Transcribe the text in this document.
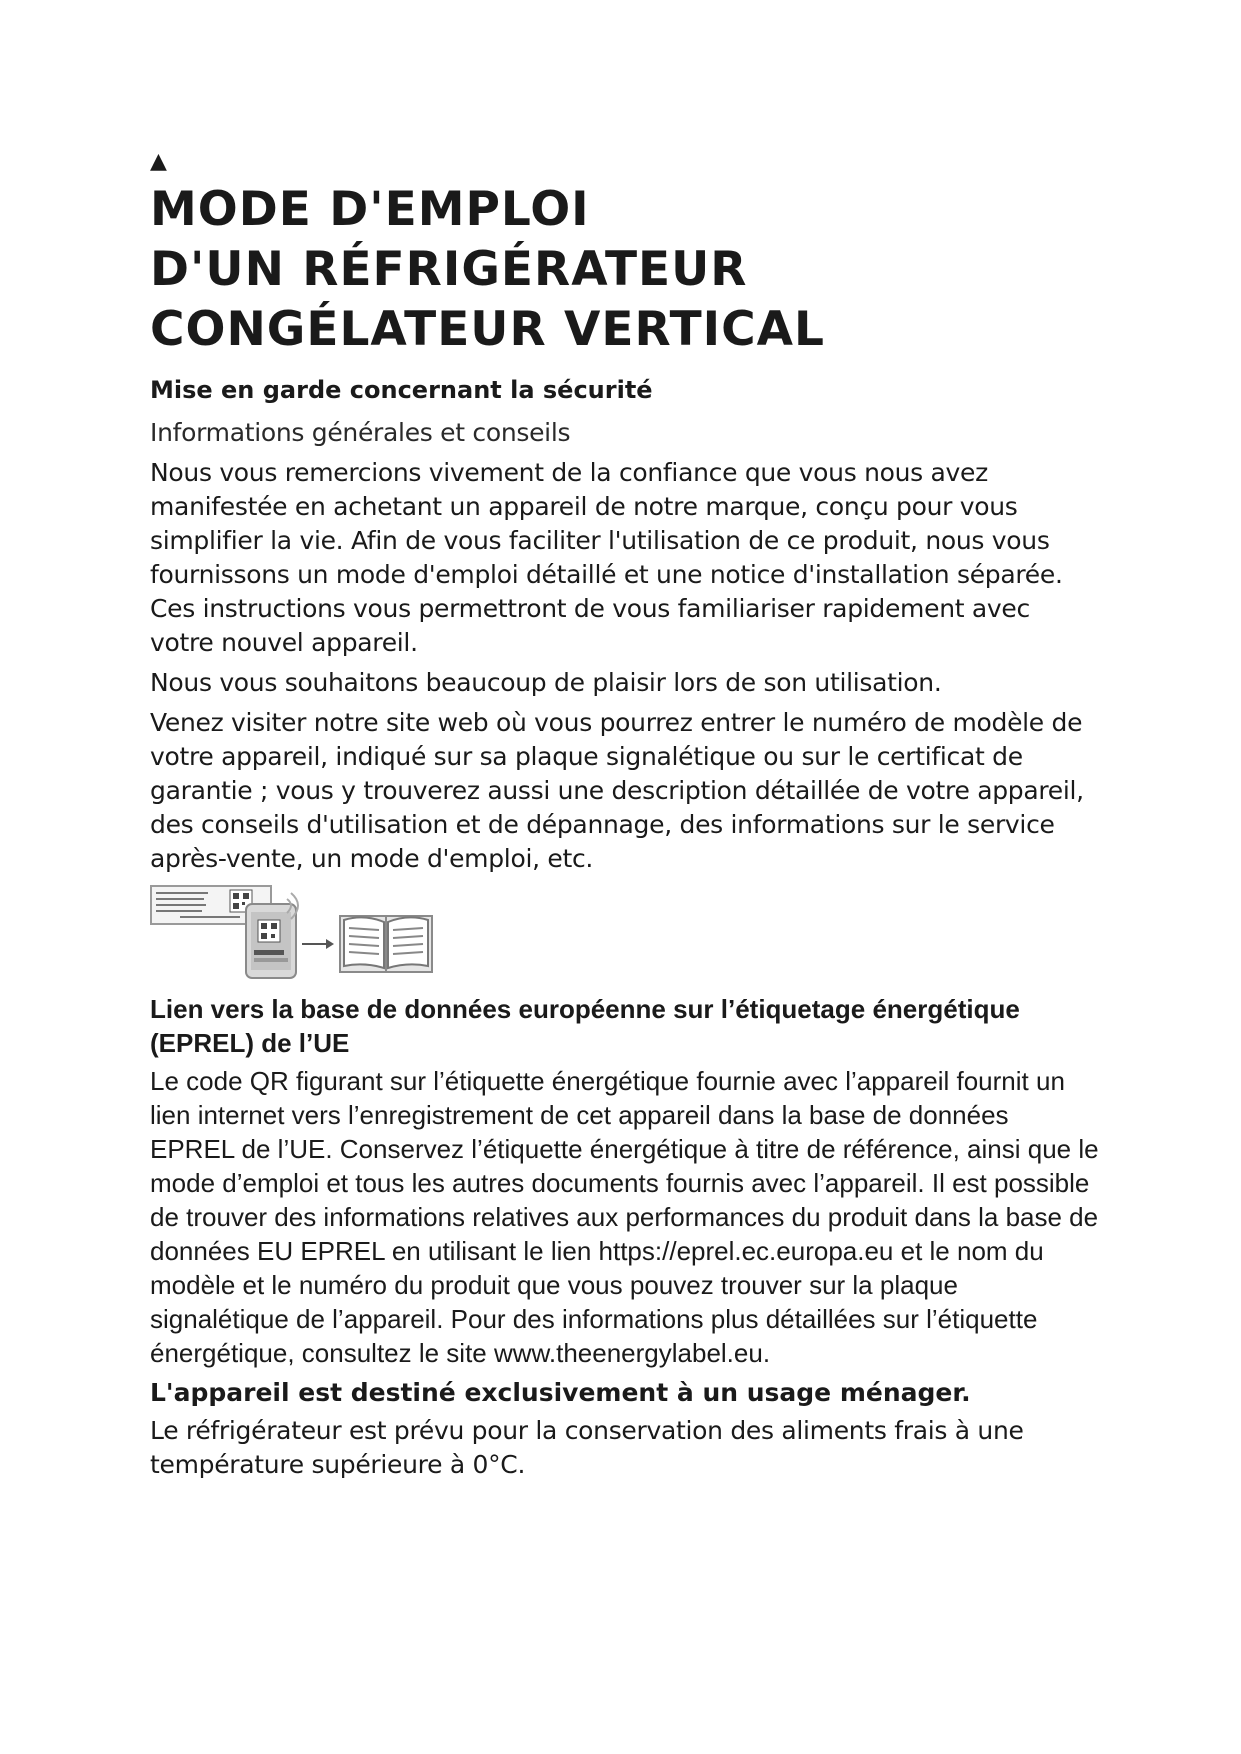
▲
MODE D'EMPLOI
D'UN RÉFRIGÉRATEUR
CONGÉLATEUR VERTICAL
Mise en garde concernant la sécurité

Informations générales et conseils

Nous vous remercions vivement de la confiance que vous nous avez manifestée en achetant un appareil de notre marque, conçu pour vous simplifier la vie. Afin de vous faciliter l'utilisation de ce produit, nous vous fournissons un mode d'emploi détaillé et une notice d'installation séparée. Ces instructions vous permettront de vous familiariser rapidement avec votre nouvel appareil.

Nous vous souhaitons beaucoup de plaisir lors de son utilisation.

Venez visiter notre site web où vous pourrez entrer le numéro de modèle de votre appareil, indiqué sur sa plaque signalétique ou sur le certificat de garantie ; vous y trouverez aussi une description détaillée de votre appareil, des conseils d'utilisation et de dépannage, des informations sur le service après-vente, un mode d'emploi, etc.

Lien vers la base de données européenne sur l’étiquetage énergétique (EPREL) de l’UE

Le code QR figurant sur l’étiquette énergétique fournie avec l’appareil fournit un lien internet vers l’enregistrement de cet appareil dans la base de données EPREL de l’UE. Conservez l’étiquette énergétique à titre de référence, ainsi que le mode d’emploi et tous les autres documents fournis avec l’appareil. Il est possible de trouver des informations relatives aux performances du produit dans la base de données EU EPREL en utilisant le lien https://eprel.ec.europa.eu et le nom du modèle et le numéro du produit que vous pouvez trouver sur la plaque signalétique de l’appareil. Pour des informations plus détaillées sur l’étiquette énergétique, consultez le site www.theenergylabel.eu.

L'appareil est destiné exclusivement à un usage ménager.

Le réfrigérateur est prévu pour la conservation des aliments frais à une température supérieure à 0°C.
